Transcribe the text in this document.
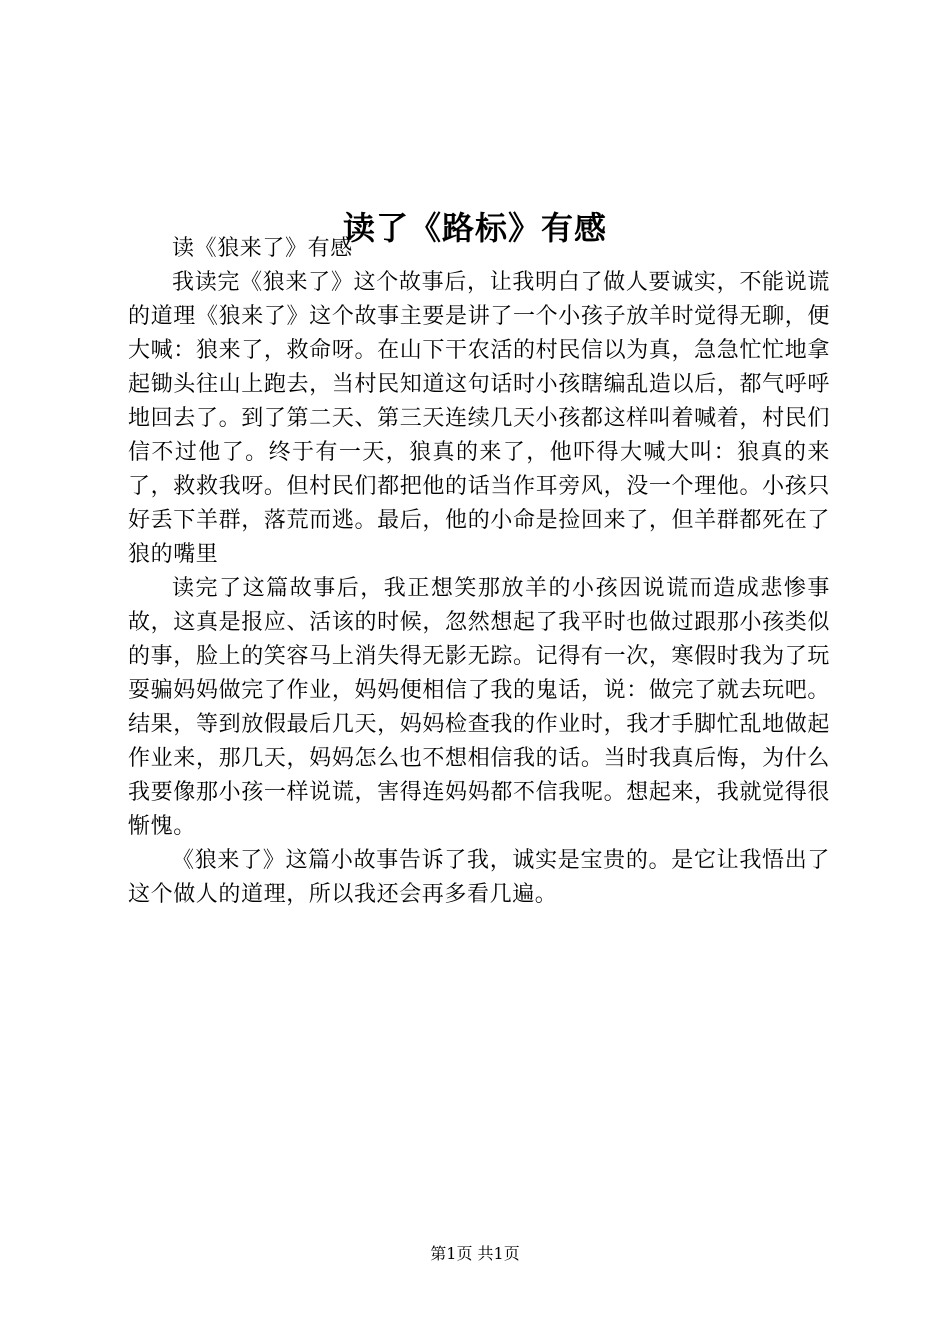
读了《路标》有感

读《狼来了》有感

我读完《狼来了》这个故事后，让我明白了做人要诚实，不能说谎的道理《狼来了》这个故事主要是讲了一个小孩子放羊时觉得无聊，便大喊：狼来了，救命呀。在山下干农活的村民信以为真，急急忙忙地拿起锄头往山上跑去，当村民知道这句话时小孩瞎编乱造以后，都气呼呼地回去了。到了第二天、第三天连续几天小孩都这样叫着喊着，村民们信不过他了。终于有一天，狼真的来了，他吓得大喊大叫：狼真的来了，救救我呀。但村民们都把他的话当作耳旁风，没一个理他。小孩只好丢下羊群，落荒而逃。最后，他的小命是捡回来了，但羊群都死在了狼的嘴里

读完了这篇故事后，我正想笑那放羊的小孩因说谎而造成悲惨事故，这真是报应、活该的时候，忽然想起了我平时也做过跟那小孩类似的事，脸上的笑容马上消失得无影无踪。记得有一次，寒假时我为了玩耍骗妈妈做完了作业，妈妈便相信了我的鬼话，说：做完了就去玩吧。结果，等到放假最后几天，妈妈检查我的作业时，我才手脚忙乱地做起作业来，那几天，妈妈怎么也不想相信我的话。当时我真后悔，为什么我要像那小孩一样说谎，害得连妈妈都不信我呢。想起来，我就觉得很惭愧。

《狼来了》这篇小故事告诉了我，诚实是宝贵的。是它让我悟出了这个做人的道理，所以我还会再多看几遍。

第1页 共1页
